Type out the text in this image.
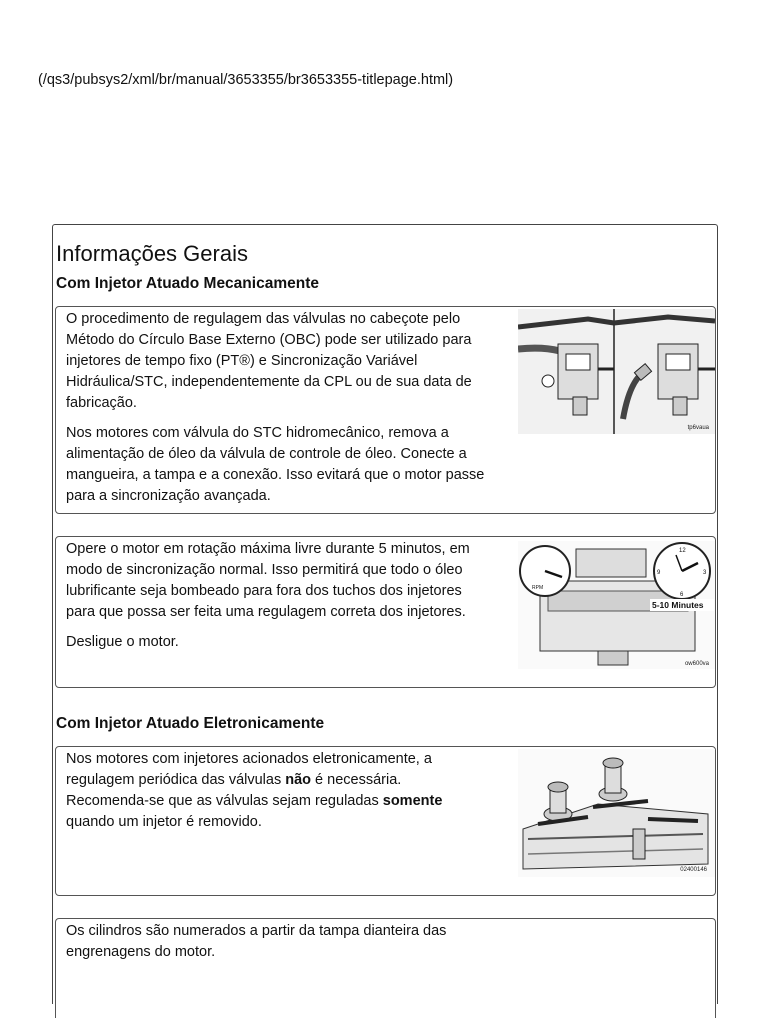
(/qs3/pubsys2/xml/br/manual/3653355/br3653355-titlepage.html)
Informações Gerais
Com Injetor Atuado Mecanicamente

O procedimento de regulagem das válvulas no cabeçote pelo Método do Círculo Base Externo (OBC) pode ser utilizado para injetores de tempo fixo (PT®) e Sincronização Variável Hidráulica/STC, independentemente da CPL ou de sua data de fabricação.

Nos motores com válvula do STC hidromecânico, remova a alimentação de óleo da válvula de controle de óleo. Conecte a mangueira, a tampa e a conexão. Isso evitará que o motor passe para a sincronização avançada.

tp6vaua

Opere o motor em rotação máxima livre durante 5 minutos, em modo de sincronização normal. Isso permitirá que todo o óleo lubrificante seja bombeado para fora dos tuchos dos injetores para que possa ser feita uma regulagem correta dos injetores.

Desligue o motor.

RPM
12
3
6
9
5-10 Minutes
ow600va
Com Injetor Atuado Eletronicamente

Nos motores com injetores acionados eletronicamente, a regulagem periódica das válvulas não é necessária. Recomenda-se que as válvulas sejam reguladas somente quando um injetor é removido.

02400146

Os cilindros são numerados a partir da tampa dianteira das engrenagens do motor.
